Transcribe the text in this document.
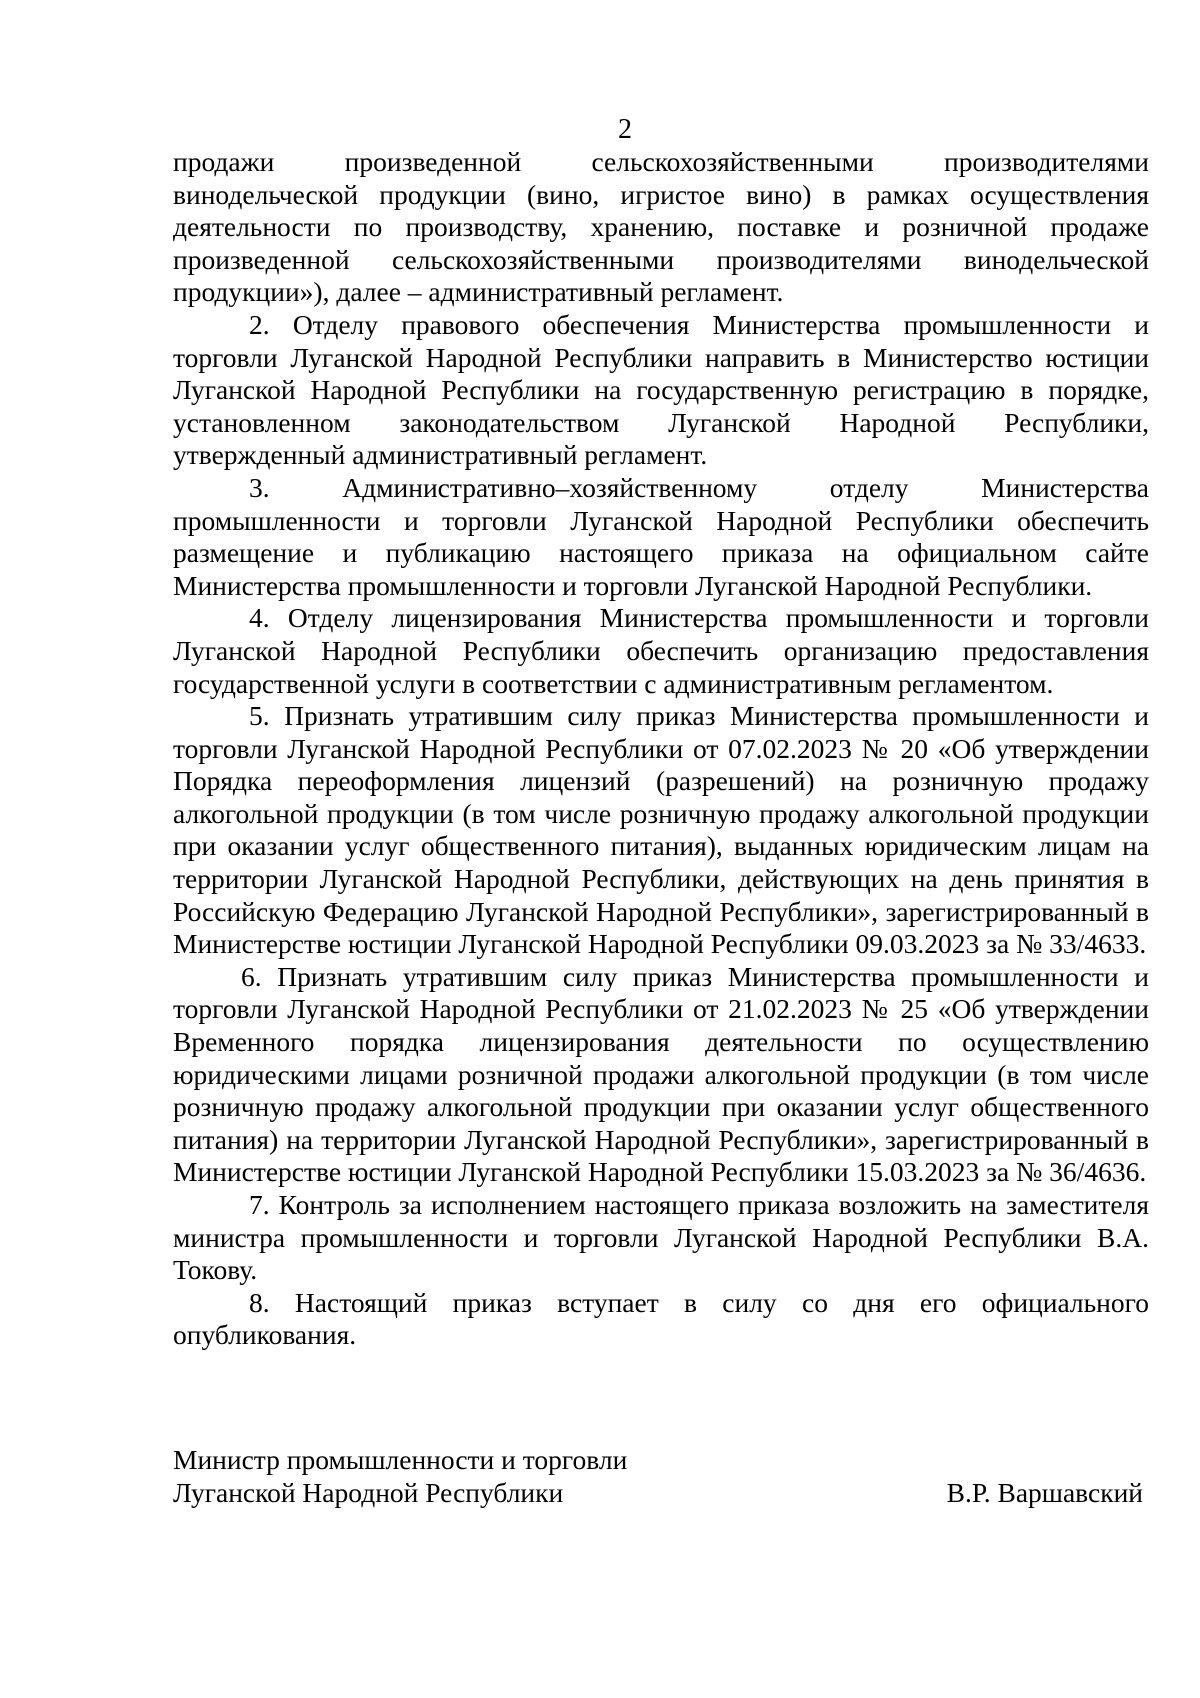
2

продажи произведенной сельскохозяйственными производителями винодельческой продукции (вино, игристое вино) в рамках осуществления деятельности по производству, хранению, поставке и розничной продаже произведенной сельскохозяйственными производителями винодельческой продукции»), далее – административный регламент.

2. Отделу правового обеспечения Министерства промышленности и торговли Луганской Народной Республики направить в Министерство юстиции Луганской Народной Республики на государственную регистрацию в порядке, установленном законодательством Луганской Народной Республики, утвержденный административный регламент.

3. Административно–хозяйственному отделу Министерства промышленности и торговли Луганской Народной Республики обеспечить размещение и публикацию настоящего приказа на официальном сайте Министерства промышленности и торговли Луганской Народной Республики.

4. Отделу лицензирования Министерства промышленности и торговли Луганской Народной Республики обеспечить организацию предоставления государственной услуги в соответствии с административным регламентом.

5. Признать утратившим силу приказ Министерства промышленности и торговли Луганской Народной Республики от 07.02.2023 № 20 «Об утверждении Порядка переоформления лицензий (разрешений) на розничную продажу алкогольной продукции (в том числе розничную продажу алкогольной продукции при оказании услуг общественного питания), выданных юридическим лицам на территории Луганской Народной Республики, действующих на день принятия в Российскую Федерацию Луганской Народной Республики», зарегистрированный в Министерстве юстиции Луганской Народной Республики 09.03.2023 за № 33/4633.

6. Признать утратившим силу приказ Министерства промышленности и торговли Луганской Народной Республики от 21.02.2023 № 25 «Об утверждении Временного порядка лицензирования деятельности по осуществлению юридическими лицами розничной продажи алкогольной продукции (в том числе розничную продажу алкогольной продукции при оказании услуг общественного питания) на территории Луганской Народной Республики», зарегистрированный в Министерстве юстиции Луганской Народной Республики 15.03.2023 за № 36/4636.

7. Контроль за исполнением настоящего приказа возложить на заместителя министра промышленности и торговли Луганской Народной Республики В.А. Токову.

8. Настоящий приказ вступает в силу со дня его официального опубликования.

Министр промышленности и торговли
Луганской Народной Республики	В.Р. Варшавский
